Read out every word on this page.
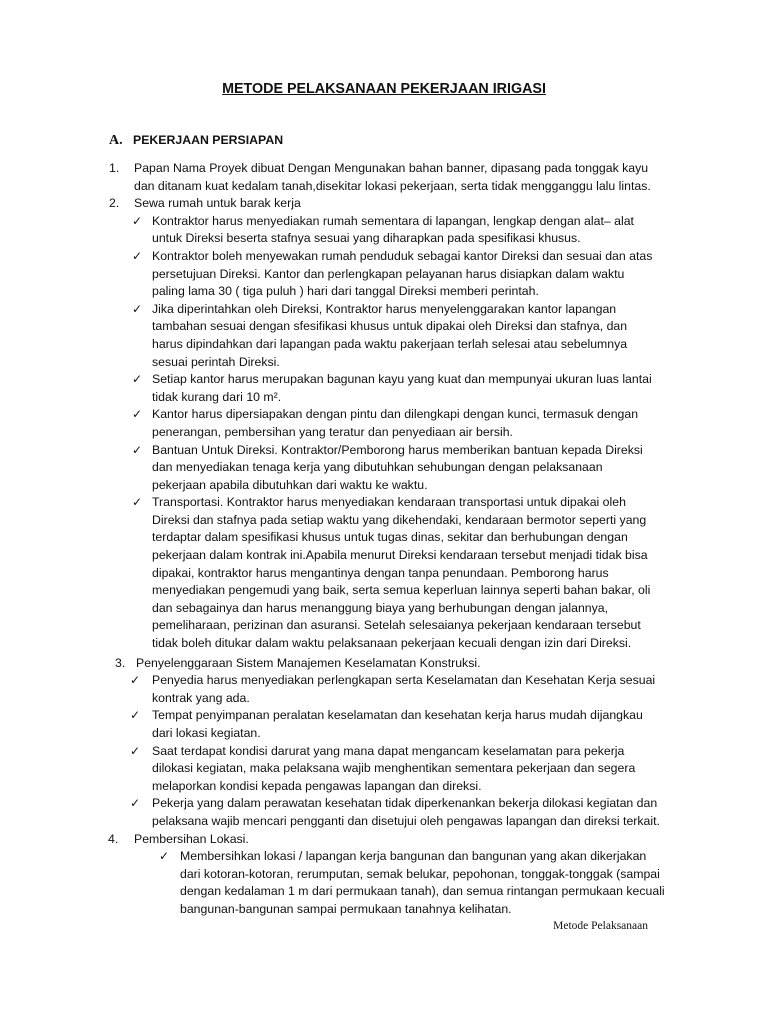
METODE PELAKSANAAN PEKERJAAN IRIGASI
A. PEKERJAAN PERSIAPAN
1. Papan Nama Proyek dibuat Dengan Mengunakan bahan banner, dipasang pada tonggak kayu
dan ditanam kuat kedalam tanah,disekitar lokasi pekerjaan, serta tidak mengganggu lalu lintas.
2. Sewa rumah untuk barak kerja
✓ Kontraktor harus menyediakan rumah sementara di lapangan, lengkap dengan alat– alat
untuk Direksi beserta stafnya sesuai yang diharapkan pada spesifikasi khusus.
✓ Kontraktor boleh menyewakan rumah penduduk sebagai kantor Direksi dan sesuai dan atas
persetujuan Direksi. Kantor dan perlengkapan pelayanan harus disiapkan dalam waktu
paling lama 30 ( tiga puluh ) hari dari tanggal Direksi memberi perintah.
✓ Jika diperintahkan oleh Direksi, Kontraktor harus menyelenggarakan kantor lapangan
tambahan sesuai dengan sfesifikasi khusus untuk dipakai oleh Direksi dan stafnya, dan
harus dipindahkan dari lapangan pada waktu pakerjaan terlah selesai atau sebelumnya
sesuai perintah Direksi.
✓ Setiap kantor harus merupakan bagunan kayu yang kuat dan mempunyai ukuran luas lantai
tidak kurang dari 10 m².
✓ Kantor harus dipersiapakan dengan pintu dan dilengkapi dengan kunci, termasuk dengan
penerangan, pembersihan yang teratur dan penyediaan air bersih.
✓ Bantuan Untuk Direksi. Kontraktor/Pemborong harus memberikan bantuan kepada Direksi
dan menyediakan tenaga kerja yang dibutuhkan sehubungan dengan pelaksanaan
pekerjaan apabila dibutuhkan dari waktu ke waktu.
✓ Transportasi. Kontraktor harus menyediakan kendaraan transportasi untuk dipakai oleh
Direksi dan stafnya pada setiap waktu yang dikehendaki, kendaraan bermotor seperti yang
terdaptar dalam spesifikasi khusus untuk tugas dinas, sekitar dan berhubungan dengan
pekerjaan dalam kontrak ini.Apabila menurut Direksi kendaraan tersebut menjadi tidak bisa
dipakai, kontraktor harus mengantinya dengan tanpa penundaan. Pemborong harus
menyediakan pengemudi yang baik, serta semua keperluan lainnya seperti bahan bakar, oli
dan sebagainya dan harus menanggung biaya yang berhubungan dengan jalannya,
pemeliharaan, perizinan dan asuransi. Setelah selesaianya pekerjaan kendaraan tersebut
tidak boleh ditukar dalam waktu pelaksanaan pekerjaan kecuali dengan izin dari Direksi.
3. Penyelenggaraan Sistem Manajemen Keselamatan Konstruksi.
✓ Penyedia harus menyediakan perlengkapan serta Keselamatan dan Kesehatan Kerja sesuai
kontrak yang ada.
✓ Tempat penyimpanan peralatan keselamatan dan kesehatan kerja harus mudah dijangkau
dari lokasi kegiatan.
✓ Saat terdapat kondisi darurat yang mana dapat mengancam keselamatan para pekerja
dilokasi kegiatan, maka pelaksana wajib menghentikan sementara pekerjaan dan segera
melaporkan kondisi kepada pengawas lapangan dan direksi.
✓ Pekerja yang dalam perawatan kesehatan tidak diperkenankan bekerja dilokasi kegiatan dan
pelaksana wajib mencari pengganti dan disetujui oleh pengawas lapangan dan direksi terkait.
4. Pembersihan Lokasi.
✓ Membersihkan lokasi / lapangan kerja bangunan dan bangunan yang akan dikerjakan
dari kotoran-kotoran, rerumputan, semak belukar, pepohonan, tonggak-tonggak (sampai
dengan kedalaman 1 m dari permukaan tanah), dan semua rintangan permukaan kecuali
bangunan-bangunan sampai permukaan tanahnya kelihatan.
Metode Pelaksanaan
